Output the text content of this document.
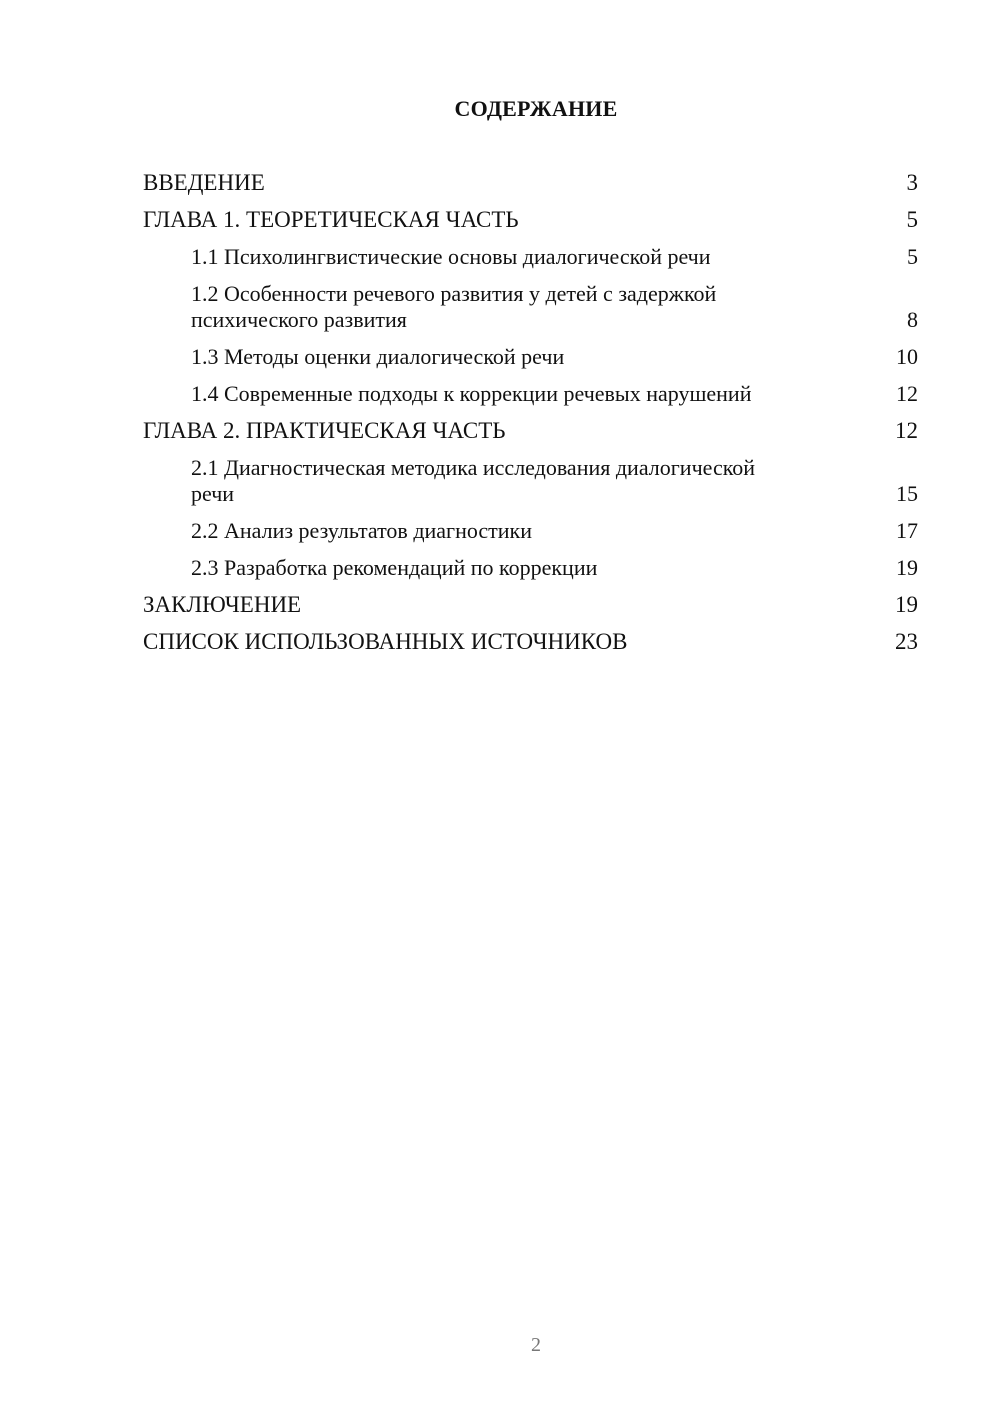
СОДЕРЖАНИЕ
ВВЕДЕНИЕ	3
ГЛАВА 1. ТЕОРЕТИЧЕСКАЯ ЧАСТЬ	5
1.1 Психолингвистические основы диалогической речи	5
1.2 Особенности речевого развития у детей с задержкой психического развития	8
1.3 Методы оценки диалогической речи	10
1.4 Современные подходы к коррекции речевых нарушений	12
ГЛАВА 2. ПРАКТИЧЕСКАЯ ЧАСТЬ	12
2.1 Диагностическая методика исследования диалогической речи	15
2.2 Анализ результатов диагностики	17
2.3 Разработка рекомендаций по коррекции	19
ЗАКЛЮЧЕНИЕ	19
СПИСОК ИСПОЛЬЗОВАННЫХ ИСТОЧНИКОВ	23
2
